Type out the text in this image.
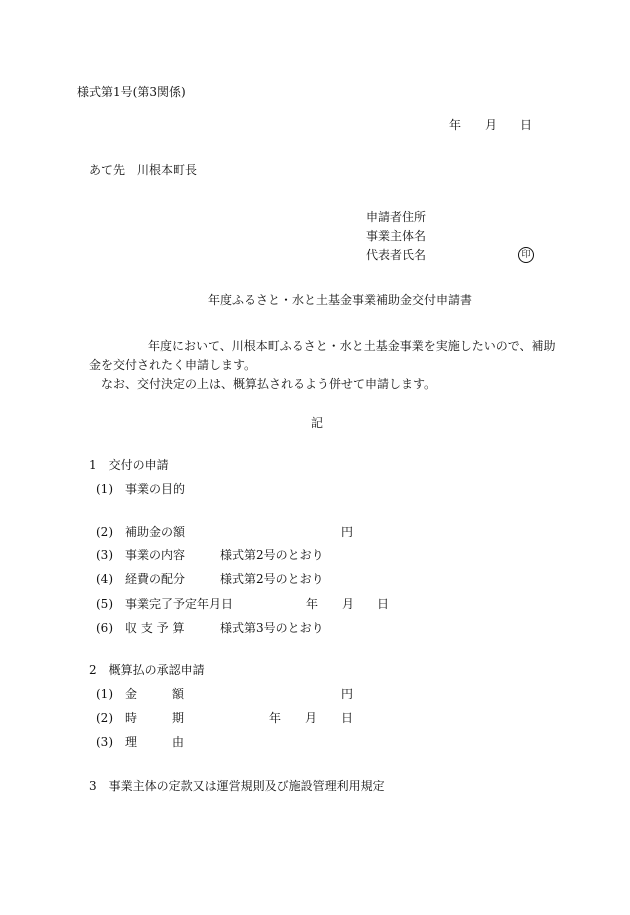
様式第1号(第3関係)
年 月 日
あて先　川根本町長
申請者住所
事業主体名
代表者氏名	印
年度ふるさと・水と土基金事業補助金交付申請書
年度において、川根本町ふるさと・水と土基金事業を実施したいので、補助
金を交付されたく申請します。
なお、交付決定の上は、概算払されるよう併せて申請します。
記
1　交付の申請
(1) 事業の目的
(2) 補助金の額	円
(3) 事業の内容	様式第2号のとおり
(4) 経費の配分	様式第2号のとおり
(5) 事業完了予定年月日	年 月 日
(6) 収 支 予 算	様式第3号のとおり
2　概算払の承認申請
(1) 金	額	円
(2) 時	期	年 月 日
(3) 理	由
3　事業主体の定款又は運営規則及び施設管理利用規定
